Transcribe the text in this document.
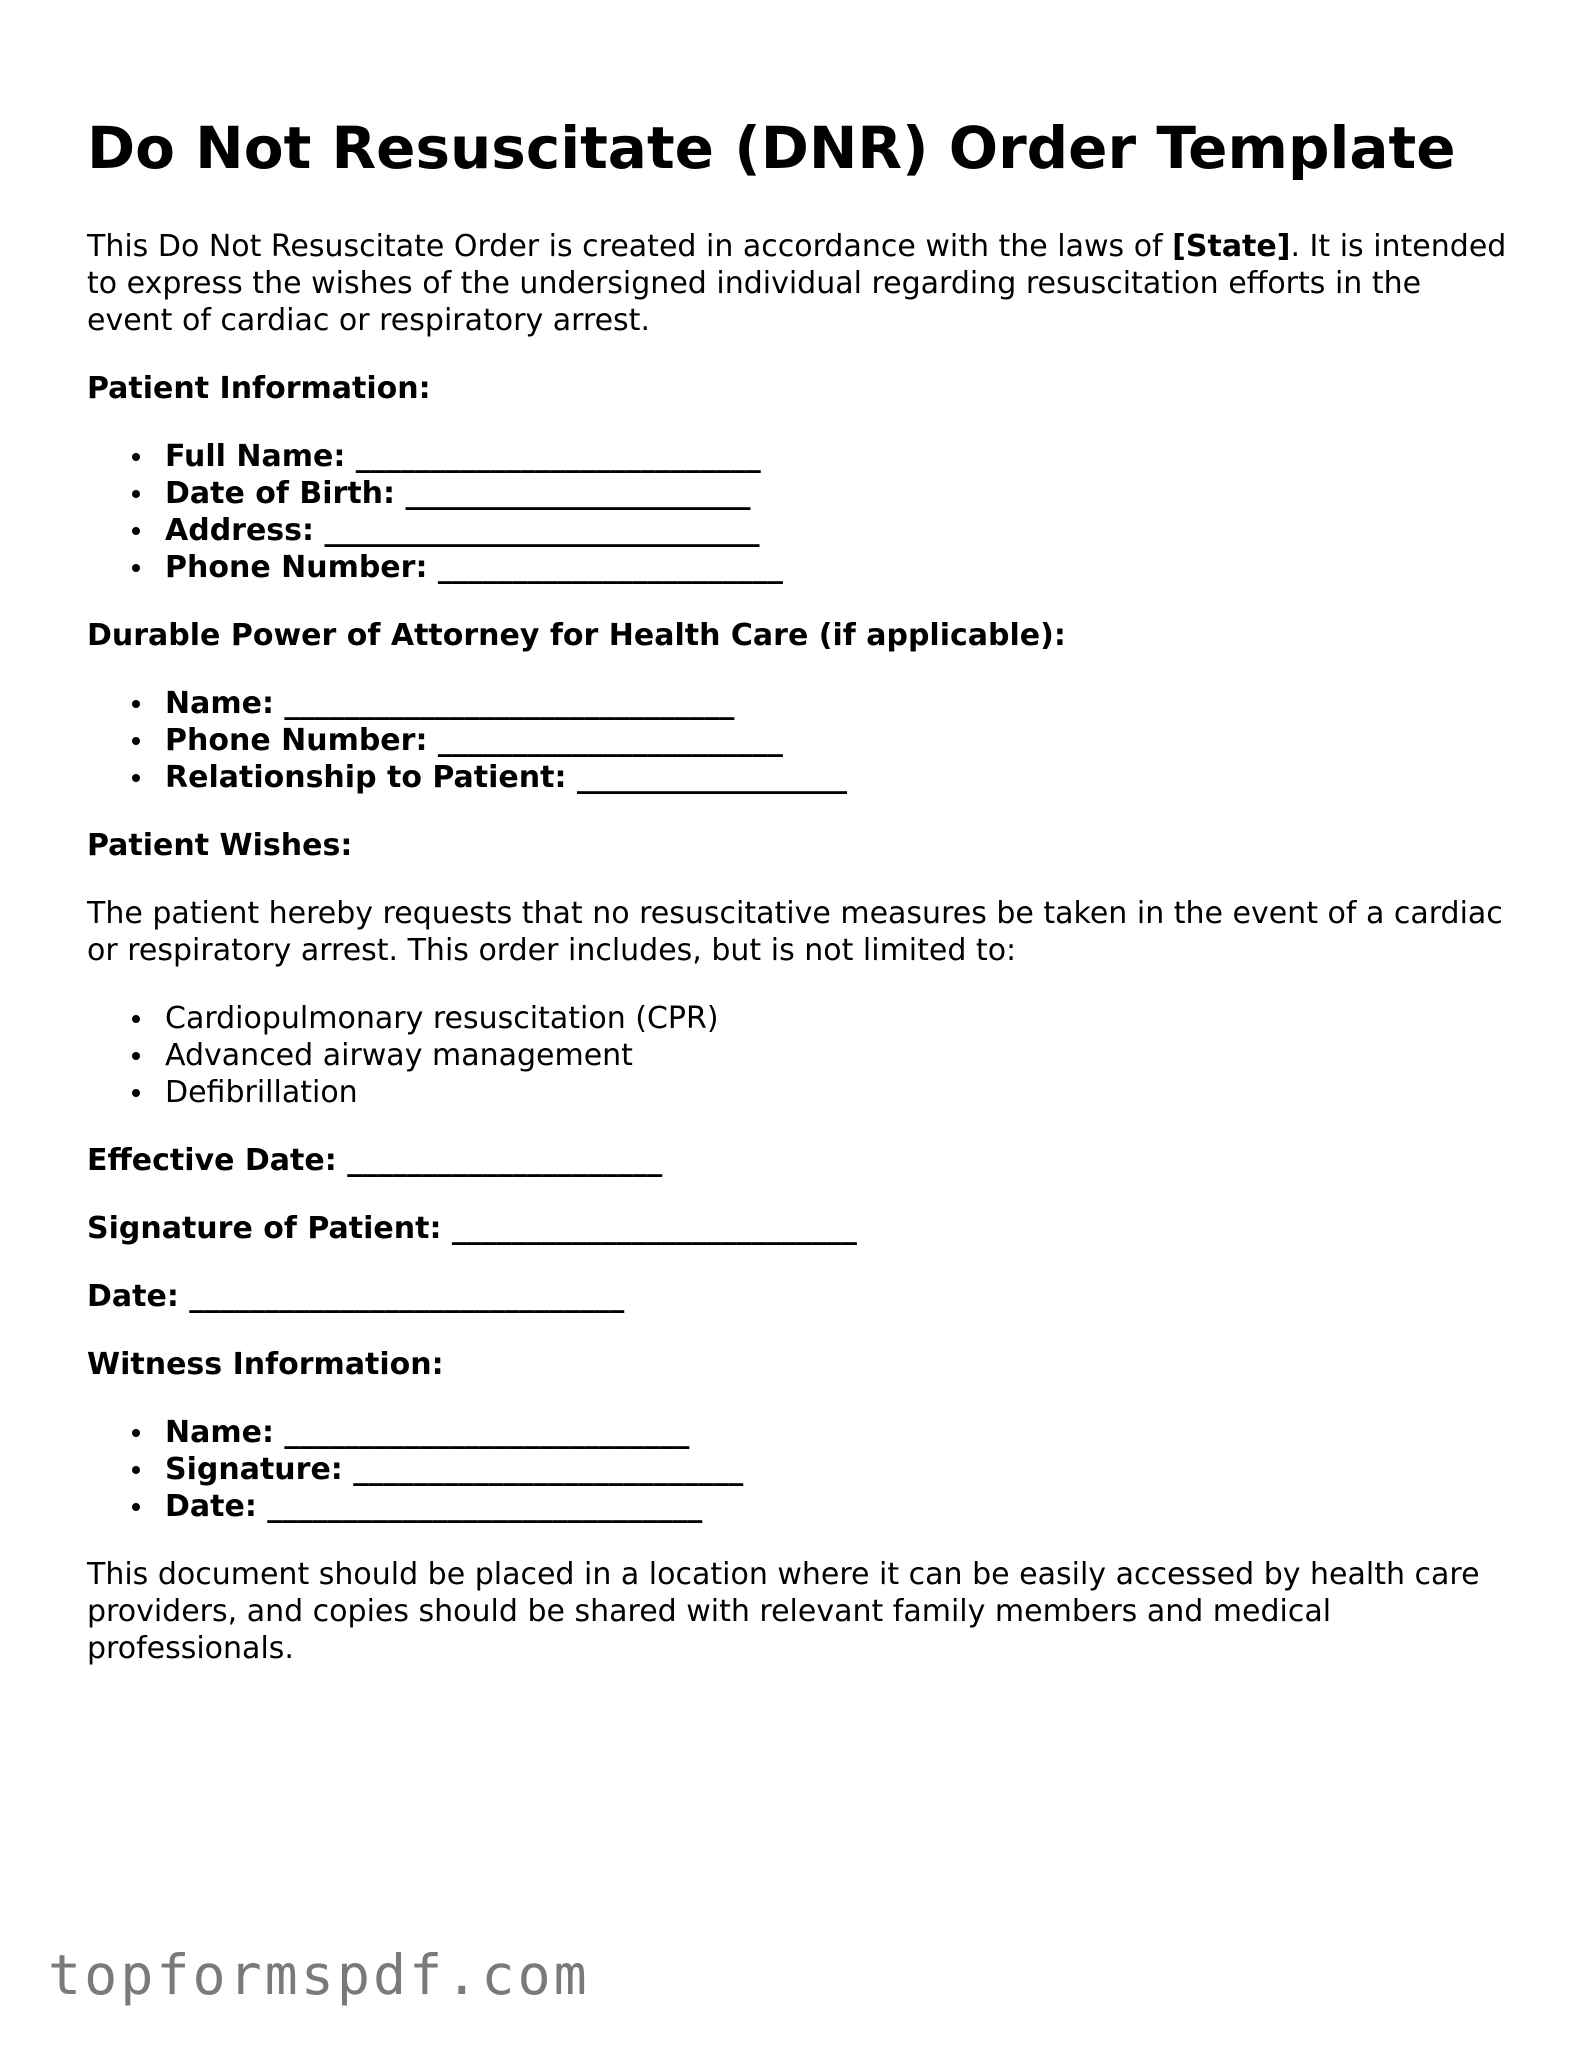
Do Not Resuscitate (DNR) Order Template

This Do Not Resuscitate Order is created in accordance with the laws of [State]. It is intended to express the wishes of the undersigned individual regarding resuscitation efforts in the event of cardiac or respiratory arrest.

Patient Information:

Full Name: ___________________________
Date of Birth: _______________________
Address: _____________________________
Phone Number: _______________________

Durable Power of Attorney for Health Care (if applicable):

Name: ______________________________
Phone Number: _______________________
Relationship to Patient: __________________

Patient Wishes:

The patient hereby requests that no resuscitative measures be taken in the event of a cardiac or respiratory arrest. This order includes, but is not limited to:

Cardiopulmonary resuscitation (CPR)
Advanced airway management
Defibrillation

Effective Date: _____________________

Signature of Patient: ___________________________

Date: _____________________________

Witness Information:

Name: ___________________________
Signature: __________________________
Date: _____________________________

This document should be placed in a location where it can be easily accessed by health care providers, and copies should be shared with relevant family members and medical professionals.

topformspdf.com
